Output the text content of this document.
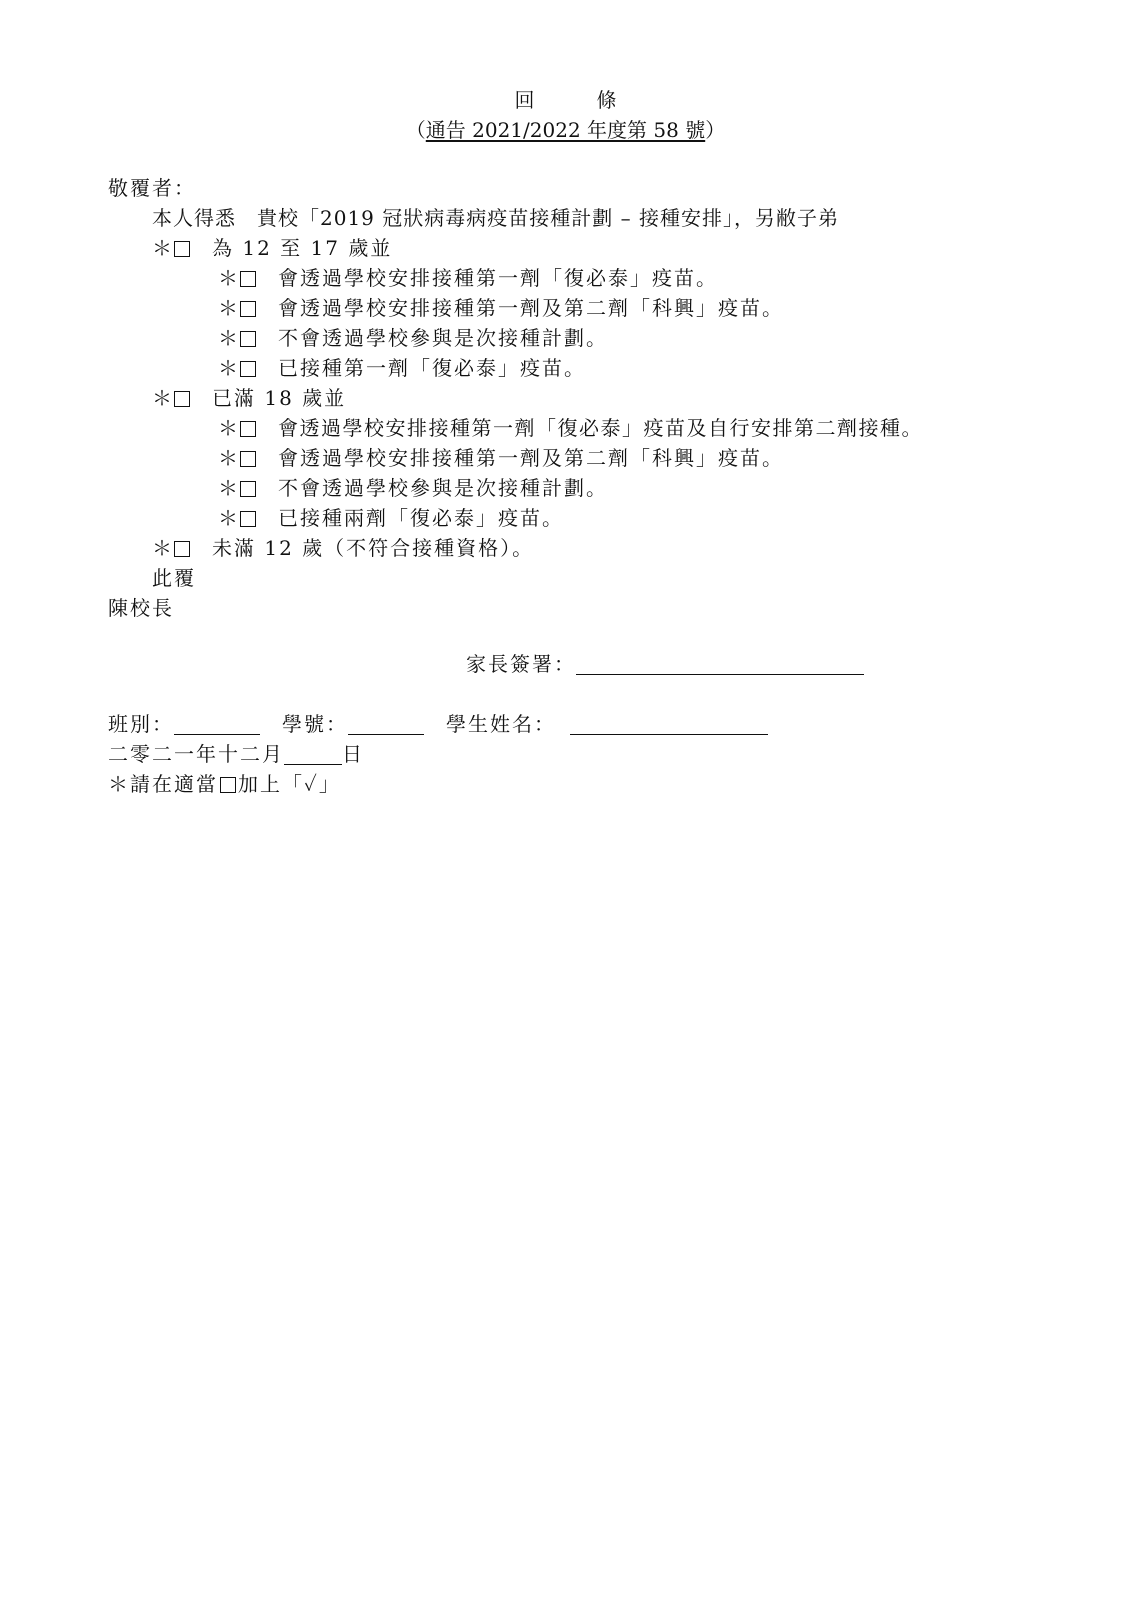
回	條
（通告 2021/2022 年度第 58 號）
敬覆者：
本人得悉　貴校「2019 冠狀病毒病疫苗接種計劃 – 接種安排」，另敝子弟
＊ 為 12 至 17 歲並
＊ 會透過學校安排接種第一劑「復必泰」疫苗。
＊ 會透過學校安排接種第一劑及第二劑「科興」疫苗。
＊ 不會透過學校參與是次接種計劃。
＊ 已接種第一劑「復必泰」疫苗。
＊ 已滿 18 歲並
＊ 會透過學校安排接種第一劑「復必泰」疫苗及自行安排第二劑接種。
＊ 會透過學校安排接種第一劑及第二劑「科興」疫苗。
＊ 不會透過學校參與是次接種計劃。
＊ 已接種兩劑「復必泰」疫苗。
＊ 未滿 12 歲（不符合接種資格）。
此覆
陳校長
家長簽署：
班別：	學號：	學生姓名：
二零二一年十二月	日
＊請在適當 加上「✓」
